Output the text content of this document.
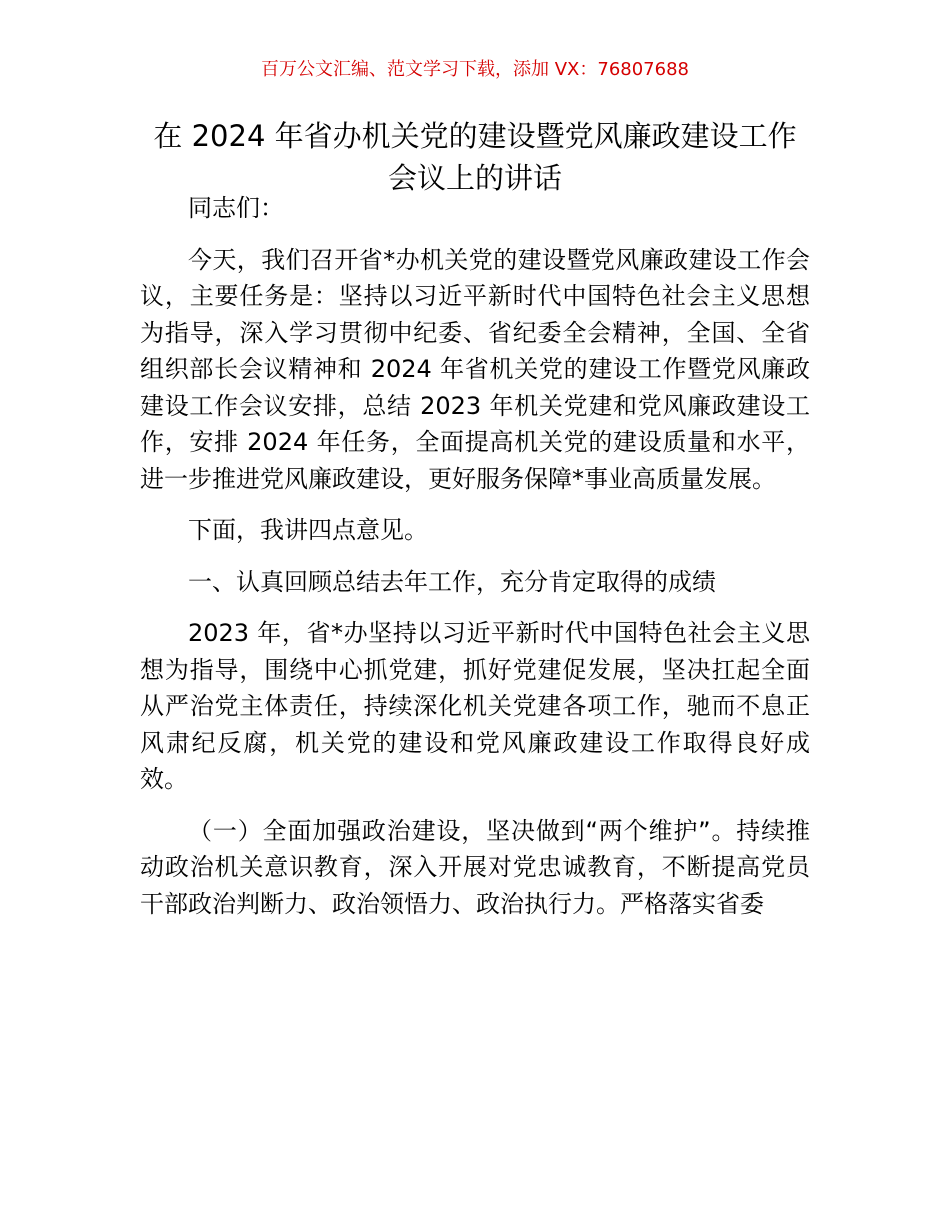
百万公文汇编、范文学习下载，添加 VX：76807688
在 2024 年省办机关党的建设暨党风廉政建设工作会议上的讲话

同志们：

今天，我们召开省*办机关党的建设暨党风廉政建设工作会议，主要任务是：坚持以习近平新时代中国特色社会主义思想为指导，深入学习贯彻中纪委、省纪委全会精神，全国、全省组织部长会议精神和 2024 年省机关党的建设工作暨党风廉政建设工作会议安排，总结 2023 年机关党建和党风廉政建设工作，安排 2024 年任务，全面提高机关党的建设质量和水平，进一步推进党风廉政建设，更好服务保障*事业高质量发展。

下面，我讲四点意见。

一、认真回顾总结去年工作，充分肯定取得的成绩

2023 年，省*办坚持以习近平新时代中国特色社会主义思想为指导，围绕中心抓党建，抓好党建促发展，坚决扛起全面从严治党主体责任，持续深化机关党建各项工作，驰而不息正风肃纪反腐，机关党的建设和党风廉政建设工作取得良好成效。

（一）全面加强政治建设，坚决做到“两个维护”。持续推动政治机关意识教育，深入开展对党忠诚教育，不断提高党员干部政治判断力、政治领悟力、政治执行力。严格落实省委
